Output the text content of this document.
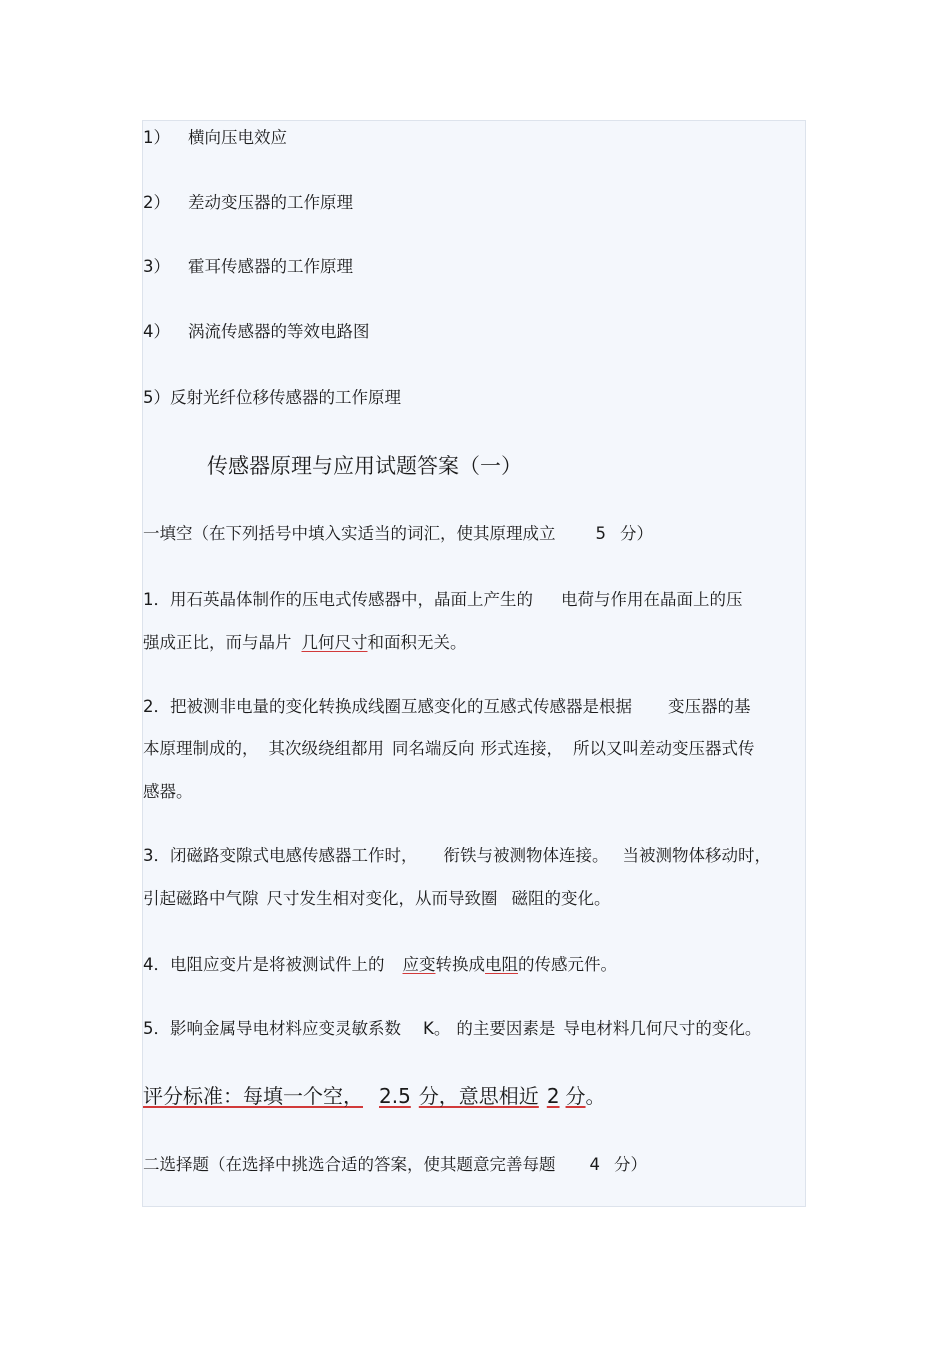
1） 横向压电效应
2） 差动变压器的工作原理
3） 霍耳传感器的工作原理
4） 涡流传感器的等效电路图
5）反射光纤位移传感器的工作原理
传感器原理与应用试题答案（一）
一填空（在下列括号中填入实适当的词汇，使其原理成立 5 分）
1．用石英晶体制作的压电式传感器中，晶面上产生的 电荷与作用在晶面上的压
强成正比，而与晶片 几何尺寸和面积无关。
2．把被测非电量的变化转换成线圈互感变化的互感式传感器是根据 变压器的基
本原理制成的， 其次级绕组都用 同名端反向 形式连接， 所以又叫差动变压器式传
感器。
3．闭磁路变隙式电感传感器工作时， 衔铁与被测物体连接。 当被测物体移动时，
引起磁路中气隙 尺寸发生相对变化，从而导致圈 磁阻的变化。
4．电阻应变片是将被测试件上的 应变转换成电阻的传感元件。
5．影响金属导电材料应变灵敏系数 K。 的主要因素是 导电材料几何尺寸的变化。
评分标准：每填一个空， 2.5 分，意思相近 2 分。
二选择题（在选择中挑选合适的答案，使其题意完善每题 4 分）
